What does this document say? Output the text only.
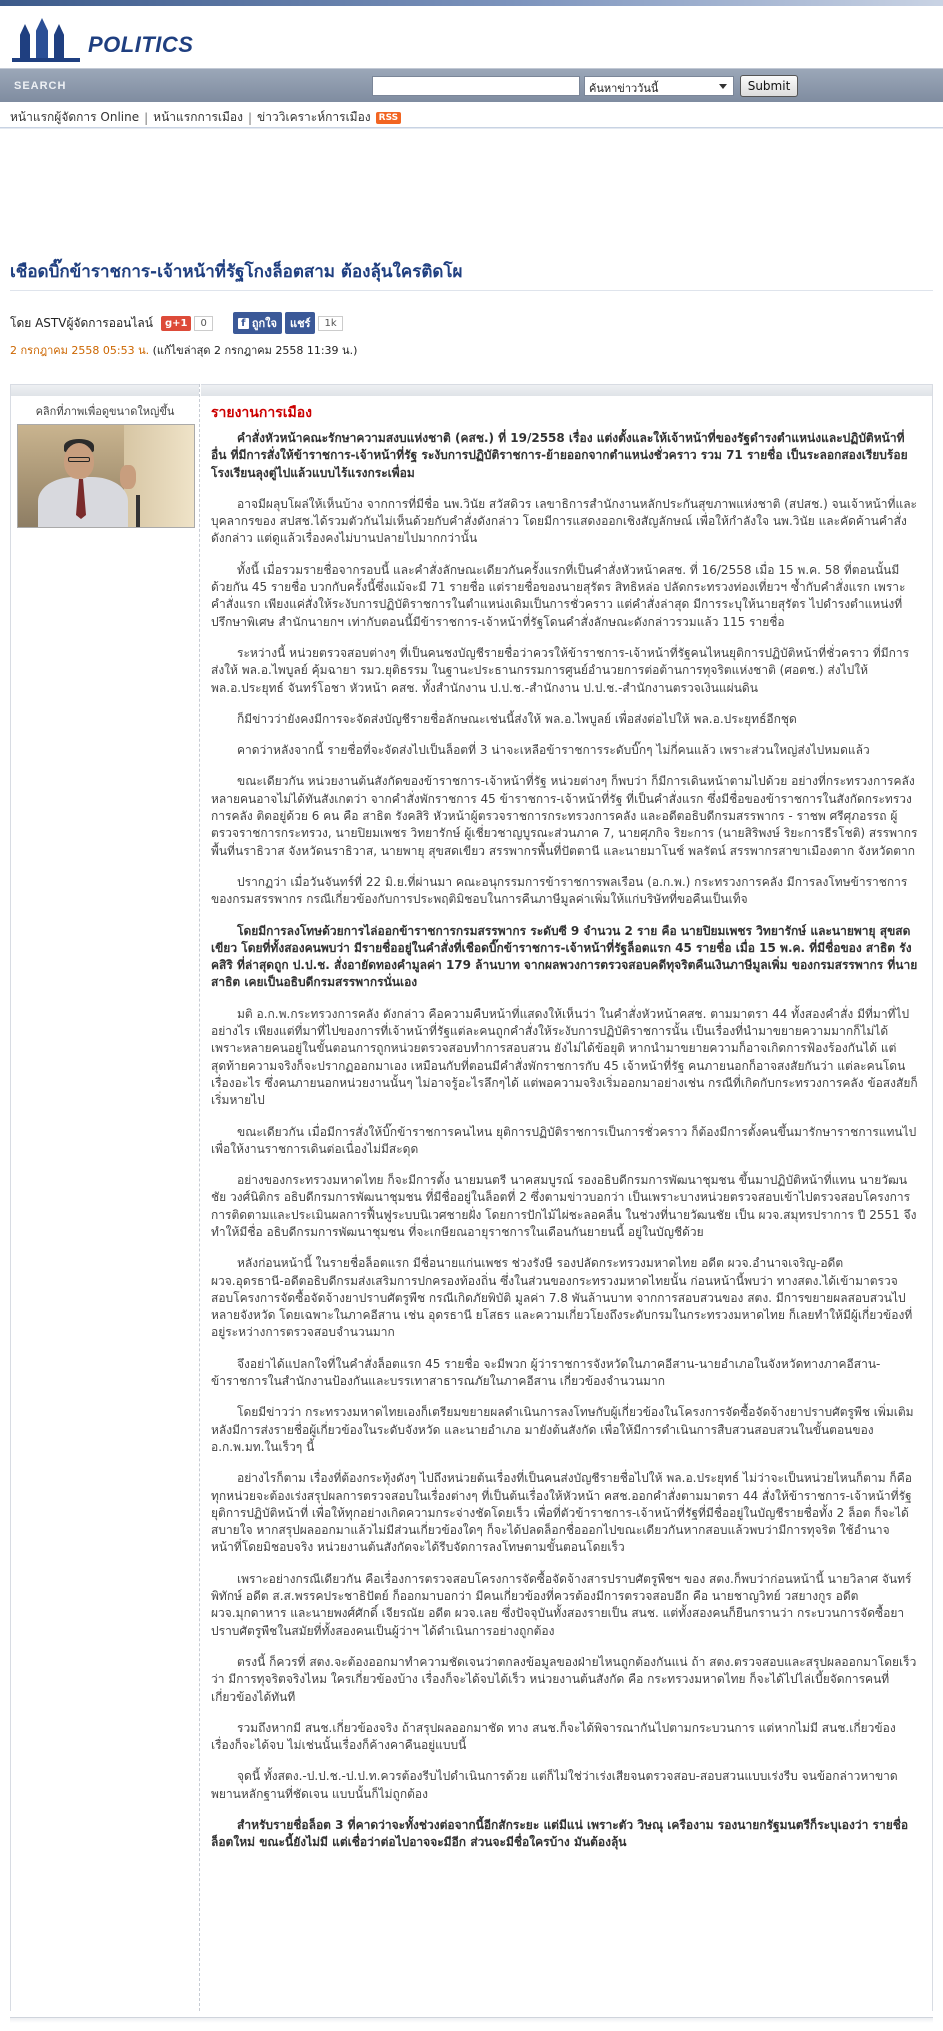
POLITICS
SEARCH	ค้นหาข่าววันนี้	Submit
หน้าแรกผู้จัดการ Online | หน้าแรกการเมือง | ข่าววิเคราะห์การเมือง RSS
เชือดบิ๊กข้าราชการ-เจ้าหน้าที่รัฐโกงล็อตสาม ต้องลุ้นใครติดโผ
โดย ASTVผู้จัดการออนไลน์	g+1	0	f ถูกใจ	แชร์	1k
2 กรกฎาคม 2558 05:53 น. (แก้ไขล่าสุด 2 กรกฎาคม 2558 11:39 น.)
คลิกที่ภาพเพื่อดูขนาดใหญ่ขึ้น	รายงานการเมือง

คำสั่งหัวหน้าคณะรักษาความสงบแห่งชาติ (คสช.) ที่ 19/2558 เรื่อง แต่งตั้งและให้เจ้าหน้าที่ของรัฐดำรงตำแหน่งและปฏิบัติหน้าที่อื่น ที่มีการสั่งให้ข้าราชการ-เจ้าหน้าที่รัฐ ระงับการปฏิบัติราชการ-ย้ายออกจากตำแหน่งชั่วคราว รวม 71 รายชื่อ เป็นระลอกสองเรียบร้อยโรงเรียนลุงตู่ไปแล้วแบบไร้แรงกระเพื่อม

อาจมีผลุบโผล่ให้เห็นบ้าง จากการที่มีชื่อ นพ.วินัย สวัสดิวร เลขาธิการสำนักงานหลักประกันสุขภาพแห่งชาติ (สปสช.) จนเจ้าหน้าที่และบุคลากรของ สปสช.ได้รวมตัวกันไม่เห็นด้วยกับคำสั่งดังกล่าว โดยมีการแสดงออกเชิงสัญลักษณ์ เพื่อให้กำลังใจ นพ.วินัย และคัดค้านคำสั่งดังกล่าว แต่ดูแล้วเรื่องคงไม่บานปลายไปมากกว่านั้น

ทั้งนี้ เมื่อรวมรายชื่อจากรอบนี้ และคำสั่งลักษณะเดียวกันครั้งแรกที่เป็นคำสั่งหัวหน้าคสช. ที่ 16/2558 เมื่อ 15 พ.ค. 58 ที่ตอนนั้นมีด้วยกัน 45 รายชื่อ บวกกับครั้งนี้ซึ่งแม้จะมี 71 รายชื่อ แต่รายชื่อของนายสุรัตร สิทธิหล่อ ปลัดกระทรวงท่องเที่ยวฯ ซ้ำกับคำสั่งแรก เพราะคำสั่งแรก เพียงแค่สั่งให้ระงับการปฏิบัติราชการในตำแหน่งเดิมเป็นการชั่วคราว แต่คำสั่งล่าสุด มีการระบุให้นายสุรัตร ไปดำรงตำแหน่งที่ปรึกษาพิเศษ สำนักนายกฯ เท่ากับตอนนี้มีข้าราชการ-เจ้าหน้าที่รัฐโดนคำสั่งลักษณะดังกล่าวรวมแล้ว 115 รายชื่อ

ระหว่างนี้ หน่วยตรวจสอบต่างๆ ที่เป็นคนชงบัญชีรายชื่อว่าควรให้ข้าราชการ-เจ้าหน้าที่รัฐคนไหนยุติการปฏิบัติหน้าที่ชั่วคราว ที่มีการส่งให้ พล.อ.ไพบูลย์ คุ้มฉายา รมว.ยุติธรรม ในฐานะประธานกรรมการศูนย์อำนวยการต่อต้านการทุจริตแห่งชาติ (ศอตช.) ส่งไปให้ พล.อ.ประยุทธ์ จันทร์โอชา หัวหน้า คสช. ทั้งสำนักงาน ป.ป.ช.-สำนักงาน ป.ป.ช.-สำนักงานตรวจเงินแผ่นดิน

ก็มีข่าวว่ายังคงมีการจะจัดส่งบัญชีรายชื่อลักษณะเช่นนี้ส่งให้ พล.อ.ไพบูลย์ เพื่อส่งต่อไปให้ พล.อ.ประยุทธ์อีกชุด

คาดว่าหลังจากนี้ รายชื่อที่จะจัดส่งไปเป็นล็อตที่ 3 น่าจะเหลือข้าราชการระดับบิ๊กๆ ไม่กี่คนแล้ว เพราะส่วนใหญ่ส่งไปหมดแล้ว

ขณะเดียวกัน หน่วยงานต้นสังกัดของข้าราชการ-เจ้าหน้าที่รัฐ หน่วยต่างๆ ก็พบว่า ก็มีการเดินหน้าตามไปด้วย อย่างที่กระทรวงการคลัง หลายคนอาจไม่ได้ทันสังเกตว่า จากคำสั่งพักราชการ 45 ข้าราชการ-เจ้าหน้าที่รัฐ ที่เป็นคำสั่งแรก ซึ่งมีชื่อของข้าราชการในสังกัดกระทรวงการคลัง ติดอยู่ด้วย 6 คน คือ สาธิต รังคสิริ หัวหน้าผู้ตรวจราชการกระทรวงการคลัง และอดีตอธิบดีกรมสรรพากร - ราชพ ศรีศุภอรรถ ผู้ตรวจราชการกระทรวง, นายปิยมเพชร วิทยารักษ์ ผู้เชี่ยวชาญบูรณะส่วนภาค 7, นายศุภกิจ ริยะการ (นายสิริพงษ์ ริยะการธีรโชติ) สรรพากรพื้นที่นราธิวาส จังหวัดนราธิวาส, นายพายุ สุขสดเขียว สรรพากรพื้นที่ปัตตานี และนายมาโนช์ พลรัตน์ สรรพากรสาขาเมืองตาก จังหวัดตาก

ปรากฏว่า เมื่อวันจันทร์ที่ 22 มิ.ย.ที่ผ่านมา คณะอนุกรรมการข้าราชการพลเรือน (อ.ก.พ.) กระทรวงการคลัง มีการลงโทษข้าราชการของกรมสรรพากร กรณีเกี่ยวข้องกับการประพฤติมิชอบในการคืนภาษีมูลค่าเพิ่มให้แก่บริษัทที่ขอคืนเป็นเท็จ

โดยมีการลงโทษด้วยการไล่ออกข้าราชการกรมสรรพากร ระดับซี 9 จำนวน 2 ราย คือ นายปิยมเพชร วิทยารักษ์ และนายพายุ สุขสดเขียว โดยที่ทั้งสองคนพบว่า มีรายชื่ออยู่ในคำสั่งที่เชือดบิ๊กข้าราชการ-เจ้าหน้าที่รัฐล็อตแรก 45 รายชื่อ เมื่อ 15 พ.ค. ที่มีชื่อของ สาธิต รังคสิริ ที่ล่าสุดถูก ป.ป.ช. สั่งอายัดทองคำมูลค่า 179 ล้านบาท จากผลพวงการตรวจสอบคดีทุจริตคืนเงินภาษีมูลเพิ่ม ของกรมสรรพากร ที่นายสาธิต เคยเป็นอธิบดีกรมสรรพากรนั่นเอง

มติ อ.ก.พ.กระทรวงการคลัง ดังกล่าว คือความคืบหน้าที่แสดงให้เห็นว่า ในคำสั่งหัวหน้าคสช. ตามมาตรา 44 ทั้งสองคำสั่ง มีที่มาที่ไปอย่างไร เพียงแต่ที่มาที่ไปของการที่เจ้าหน้าที่รัฐแต่ละคนถูกคำสั่งให้ระงับการปฏิบัติราชการนั้น เป็นเรื่องที่นำมาขยายความมากก็ไม่ได้ เพราะหลายคนอยู่ในขั้นตอนการถูกหน่วยตรวจสอบทำการสอบสวน ยังไม่ได้ข้อยุติ หากนำมาขยายความก็อาจเกิดการฟ้องร้องกันได้ แต่สุดท้ายความจริงก็จะปรากฏออกมาเอง เหมือนกับที่ตอนมีคำสั่งพักราชการกับ 45 เจ้าหน้าที่รัฐ คนภายนอกก็อาจสงสัยกันว่า แต่ละคนโดนเรื่องอะไร ซึ่งคนภายนอกหน่วยงานนั้นๆ ไม่อาจรู้อะไรลึกๆได้ แต่พอความจริงเริ่มออกมาอย่างเช่น กรณีที่เกิดกับกระทรวงการคลัง ข้อสงสัยก็เริ่มหายไป

ขณะเดียวกัน เมื่อมีการสั่งให้บิ๊กข้าราชการคนไหน ยุติการปฏิบัติราชการเป็นการชั่วคราว ก็ต้องมีการตั้งคนขึ้นมารักษาราชการแทนไปเพื่อให้งานราชการเดินต่อเนื่องไม่มีสะดุด

อย่างของกระทรวงมหาดไทย ก็จะมีการตั้ง นายมนตรี นาคสมบูรณ์ รองอธิบดีกรมการพัฒนาชุมชน ขึ้นมาปฏิบัติหน้าที่แทน นายวัฒนชัย วงศ์นิติกร อธิบดีกรมการพัฒนาชุมชน ที่มีชื่ออยู่ในล็อตที่ 2 ซึ่งตามข่าวบอกว่า เป็นเพราะบางหน่วยตรวจสอบเข้าไปตรวจสอบโครงการการติดตามและประเมินผลการฟื้นฟูระบบนิเวศชายฝั่ง โดยการปักไม้ไผ่ชะลอคลื่น ในช่วงที่นายวัฒนชัย เป็น ผวจ.สมุทรปราการ ปี 2551 จึงทำให้มีชื่อ อธิบดีกรมการพัฒนาชุมชน ที่จะเกษียณอายุราชการในเดือนกันยายนนี้ อยู่ในบัญชีด้วย

หลังก่อนหน้านี้ ในรายชื่อล็อตแรก มีชื่อนายแก่นเพชร ช่วงรังษี รองปลัดกระทรวงมหาดไทย อดีต ผวจ.อำนาจเจริญ-อดีต ผวจ.อุดรธานี-อดีตอธิบดีกรมส่งเสริมการปกครองท้องถิ่น ซึ่งในส่วนของกระทรวงมหาดไทยนั้น ก่อนหน้านี้พบว่า ทางสตง.ได้เข้ามาตรวจสอบโครงการจัดซื้อจัดจ้างยาปราบศัตรูพืช กรณีเกิดภัยพิบัติ มูลค่า 7.8 พันล้านบาท จากการสอบสวนของ สตง. มีการขยายผลสอบสวนไปหลายจังหวัด โดยเฉพาะในภาคอีสาน เช่น อุดรธานี ยโสธร และความเกี่ยวโยงถึงระดับกรมในกระทรวงมหาดไทย ก็เลยทำให้มีผู้เกี่ยวข้องที่อยู่ระหว่างการตรวจสอบจำนวนมาก

จึงอย่าได้แปลกใจที่ในคำสั่งล็อตแรก 45 รายชื่อ จะมีพวก ผู้ว่าราชการจังหวัดในภาคอีสาน-นายอำเภอในจังหวัดทางภาคอีสาน-ข้าราชการในสำนักงานป้องกันและบรรเทาสาธารณภัยในภาคอีสาน เกี่ยวข้องจำนวนมาก

โดยมีข่าวว่า กระทรวงมหาดไทยเองก็เตรียมขยายผลดำเนินการลงโทษกับผู้เกี่ยวข้องในโครงการจัดซื้อจัดจ้างยาปราบศัตรูพืช เพิ่มเติม หลังมีการส่งรายชื่อผู้เกี่ยวข้องในระดับจังหวัด และนายอำเภอ มายังต้นสังกัด เพื่อให้มีการดำเนินการสืบสวนสอบสวนในขั้นตอนของ อ.ก.พ.มท.ในเร็วๆ นี้

อย่างไรก็ตาม เรื่องที่ต้องกระทุ้งดังๆ ไปถึงหน่วยต้นเรื่องที่เป็นคนส่งบัญชีรายชื่อไปให้ พล.อ.ประยุทธ์ ไม่ว่าจะเป็นหน่วยไหนก็ตาม ก็คือ ทุกหน่วยจะต้องเร่งสรุปผลการตรวจสอบในเรื่องต่างๆ ที่เป็นต้นเรื่องให้หัวหน้า คสช.ออกคำสั่งตามมาตรา 44 สั่งให้ข้าราชการ-เจ้าหน้าที่รัฐ ยุติการปฏิบัติหน้าที่ เพื่อให้ทุกอย่างเกิดความกระจ่างชัดโดยเร็ว เพื่อที่ตัวข้าราชการ-เจ้าหน้าที่รัฐที่มีชื่ออยู่ในบัญชีรายชื่อทั้ง 2 ล็อต ก็จะได้สบายใจ หากสรุปผลออกมาแล้วไม่มีส่วนเกี่ยวข้องใดๆ ก็จะได้ปลดล็อกชื่อออกไปขณะเดียวกันหากสอบแล้วพบว่ามีการทุจริต ใช้อำนาจหน้าที่โดยมิชอบจริง หน่วยงานต้นสังกัดจะได้รีบจัดการลงโทษตามขั้นตอนโดยเร็ว

เพราะอย่างกรณีเดียวกัน คือเรื่องการตรวจสอบโครงการจัดซื้อจัดจ้างสารปราบศัตรูพืชฯ ของ สตง.ก็พบว่าก่อนหน้านี้ นายวิลาศ จันทร์พิทักษ์ อดีต ส.ส.พรรคประชาธิปัตย์ ก็ออกมาบอกว่า มีคนเกี่ยวข้องที่ควรต้องมีการตรวจสอบอีก คือ นายชาญวิทย์ วสยางกูร อดีต ผวจ.มุกดาหาร และนายพงศ์ศักดิ์ เจียรณัย อดีต ผวจ.เลย ซึ่งปัจจุบันทั้งสองรายเป็น สนช. แต่ทั้งสองคนก็ยืนกรานว่า กระบวนการจัดซื้อยาปราบศัตรูพืชในสมัยที่ทั้งสองคนเป็นผู้ว่าฯ ได้ดำเนินการอย่างถูกต้อง

ตรงนี้ ก็ควรที่ สตง.จะต้องออกมาทำความชัดเจนว่าตกลงข้อมูลของฝ่ายไหนถูกต้องกันแน่ ถ้า สตง.ตรวจสอบและสรุปผลออกมาโดยเร็วว่า มีการทุจริตจริงไหม ใครเกี่ยวข้องบ้าง เรื่องก็จะได้จบได้เร็ว หน่วยงานต้นสังกัด คือ กระทรวงมหาดไทย ก็จะได้ไปไล่เบี้ยจัดการคนที่เกี่ยวข้องได้ทันที

รวมถึงหากมี สนช.เกี่ยวข้องจริง ถ้าสรุปผลออกมาชัด ทาง สนช.ก็จะได้พิจารณากันไปตามกระบวนการ แต่หากไม่มี สนช.เกี่ยวข้อง เรื่องก็จะได้จบ ไม่เช่นนั้นเรื่องก็ค้างคาคืนอยู่แบบนี้

จุดนี้ ทั้งสตง.-ป.ป.ช.-ป.ป.ท.ควรต้องรีบไปดำเนินการด้วย แต่ก็ไม่ใช่ว่าเร่งเสียจนตรวจสอบ-สอบสวนแบบเร่งรีบ จนข้อกล่าวหาขาดพยานหลักฐานที่ชัดเจน แบบนั้นก็ไม่ถูกต้อง

สำหรับรายชื่อล็อต 3 ที่คาดว่าจะทั้งช่วงต่อจากนี้อีกสักระยะ แต่มีแน่ เพราะตัว วิษณุ เครืองาม รองนายกรัฐมนตรีก็ระบุเองว่า รายชื่อล็อตใหม่ ขณะนี้ยังไม่มี แต่เชื่อว่าต่อไปอาจจะมีอีก ส่วนจะมีชื่อใครบ้าง มันต้องลุ้น
